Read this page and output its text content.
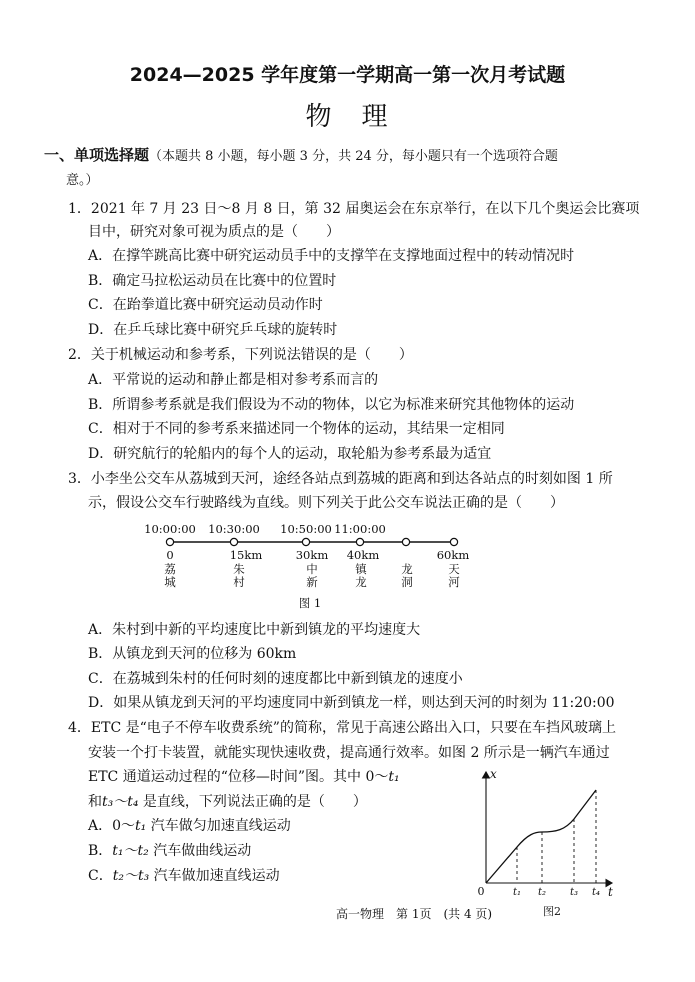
2024—2025 学年度第一学期高一第一次月考试题
物　理
一、单项选择题（本题共 8 小题，每小题 3 分，共 24 分，每小题只有一个选项符合题
意。）
1．2021 年 7 月 23 日～8 月 8 日，第 32 届奥运会在东京举行，在以下几个奥运会比赛项
目中，研究对象可视为质点的是（　　）
A．在撑竿跳高比赛中研究运动员手中的支撑竿在支撑地面过程中的转动情况时
B．确定马拉松运动员在比赛中的位置时
C．在跆拳道比赛中研究运动员动作时
D．在乒乓球比赛中研究乒乓球的旋转时
2．关于机械运动和参考系，下列说法错误的是（　　）
A．平常说的运动和静止都是相对参考系而言的
B．所谓参考系就是我们假设为不动的物体，以它为标准来研究其他物体的运动
C．相对于不同的参考系来描述同一个物体的运动，其结果一定相同
D．研究航行的轮船内的每个人的运动，取轮船为参考系最为适宜
3．小李坐公交车从荔城到天河，途经各站点到荔城的距离和到达各站点的时刻如图 1 所
示，假设公交车行驶路线为直线。则下列关于此公交车说法正确的是（　　）
10:00:00 10:30:00 10:50:00 11:00:00
0	15km	30km 40km	60km
荔
城
朱
村
中
新
镇
龙
龙
洞
天
河
图 1
A．朱村到中新的平均速度比中新到镇龙的平均速度大
B．从镇龙到天河的位移为 60km
C．在荔城到朱村的任何时刻的速度都比中新到镇龙的速度小
D．如果从镇龙到天河的平均速度同中新到镇龙一样，则达到天河的时刻为 11:20:00
4．ETC 是“电子不停车收费系统”的简称，常见于高速公路出入口，只要在车挡风玻璃上
安装一个打卡装置，就能实现快速收费，提高通行效率。如图 2 所示是一辆汽车通过
ETC 通道运动过程的“位移—时间”图。其中 0～t₁
和t₃～t₄ 是直线，下列说法正确的是（　　）
A．0～t₁ 汽车做匀加速直线运动
B．t₁～t₂ 汽车做曲线运动
C．t₂～t₃ 汽车做加速直线运动
x
t
0	t₁ t₂ t₃ t₄
图2
高一物理　第 1页　(共 4 页)
